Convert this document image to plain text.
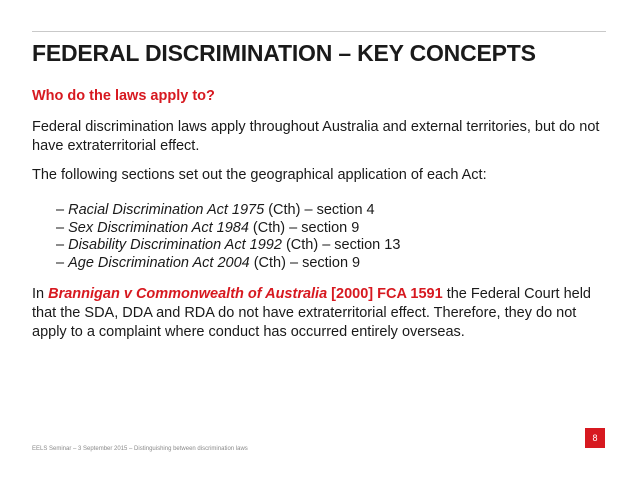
FEDERAL DISCRIMINATION – KEY CONCEPTS
Who do the laws apply to?
Federal discrimination laws apply throughout Australia and external territories, but do not have extraterritorial effect.
The following sections set out the geographical application of each Act:
– Racial Discrimination Act 1975 (Cth) – section 4
– Sex Discrimination Act 1984 (Cth) – section 9
– Disability Discrimination Act 1992 (Cth) – section 13
– Age Discrimination Act 2004 (Cth) – section 9
In Brannigan v Commonwealth of Australia [2000] FCA 1591 the Federal Court held that the SDA, DDA and RDA do not have extraterritorial effect. Therefore, they do not apply to a complaint where conduct has occurred entirely overseas.
EELS Seminar – 3 September 2015 – Distinguishing between discrimination laws
8
